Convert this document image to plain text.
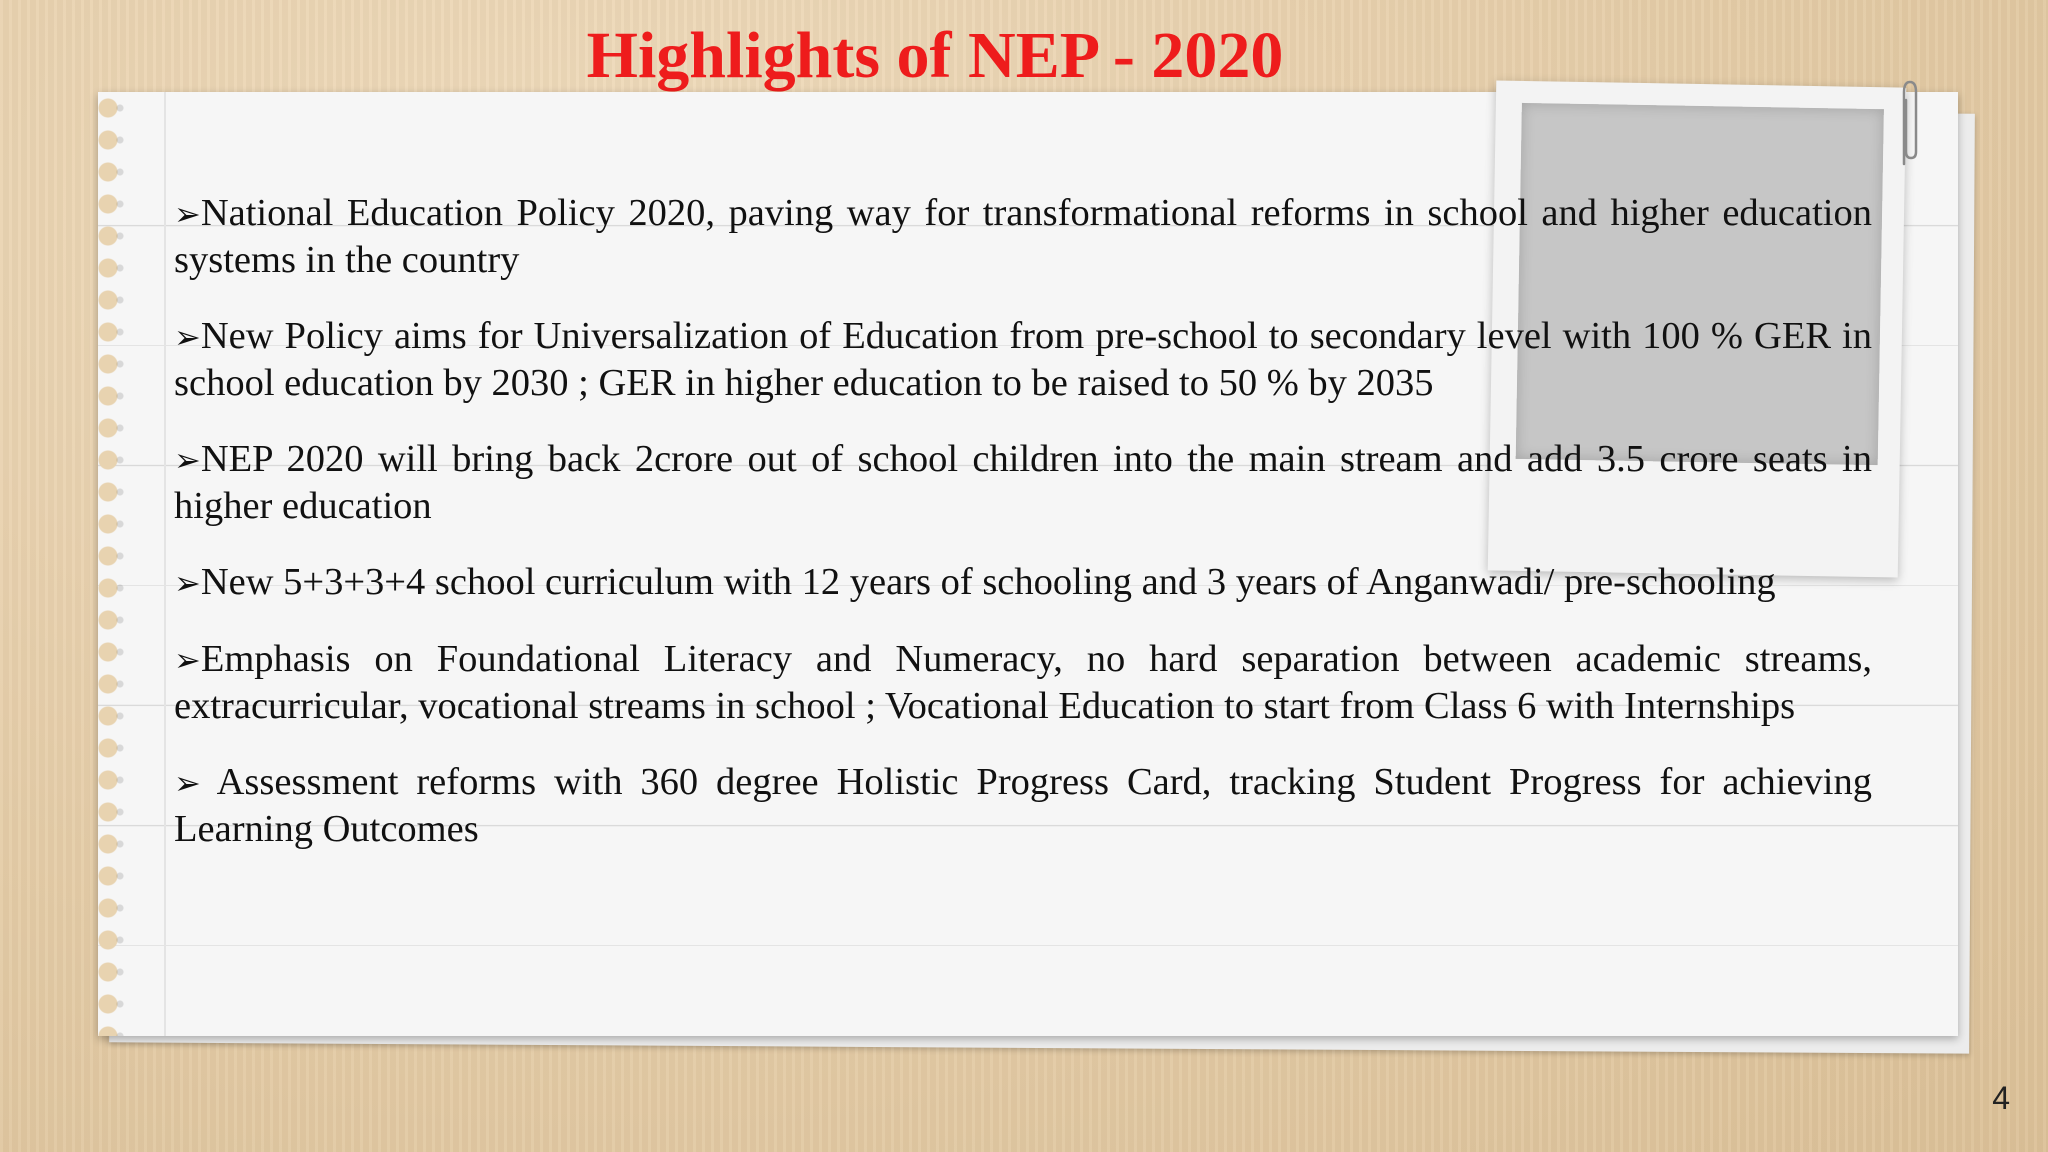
Highlights of NEP - 2020
➢National Education Policy 2020, paving way for transformational reforms in school and higher education systems in the country
➢New Policy aims for Universalization of Education from pre-school to secondary level with 100 % GER in school education by 2030 ; GER in higher education to be raised to 50 % by 2035
➢NEP 2020 will bring back 2crore out of school children into the main stream and add 3.5 crore seats in higher education
➢New 5+3+3+4 school curriculum with 12 years of schooling and 3 years of Anganwadi/ pre-schooling
➢Emphasis on Foundational Literacy and Numeracy, no hard separation between academic streams, extracurricular, vocational streams in school ; Vocational Education to start from Class 6 with Internships
➢ Assessment reforms with 360 degree Holistic Progress Card, tracking Student Progress for achieving Learning Outcomes
4
